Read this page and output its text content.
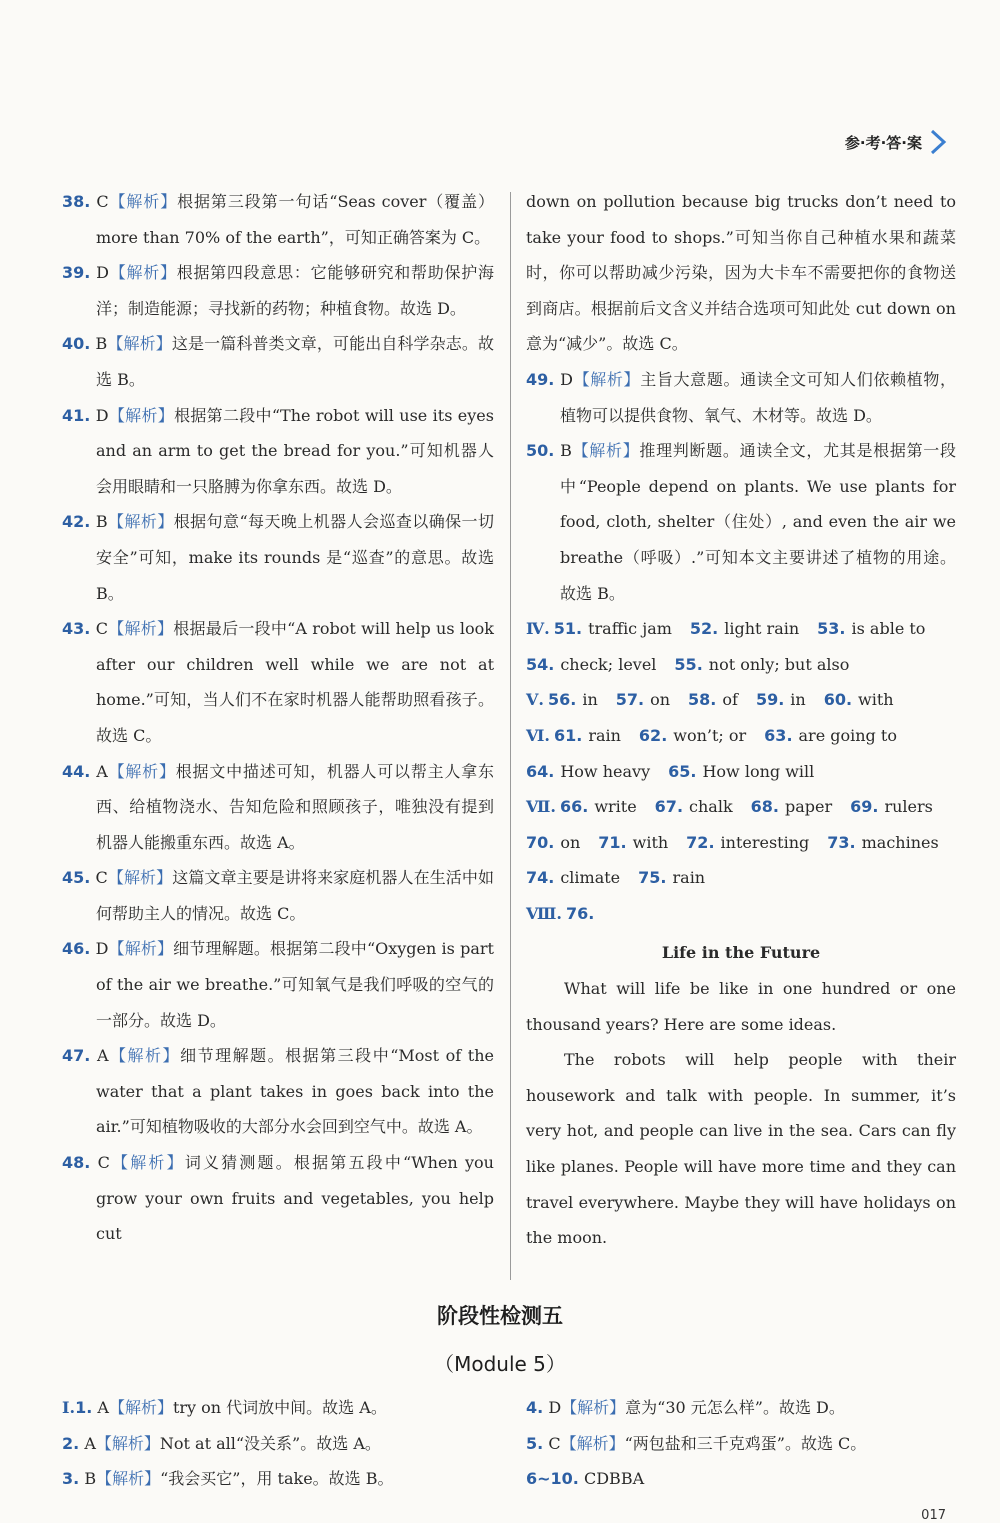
参·考·答·案

38. C【解析】根据第三段第一句话“Seas cover（覆盖）more than 70% of the earth”，可知正确答案为 C。

39. D【解析】根据第四段意思：它能够研究和帮助保护海洋；制造能源；寻找新的药物；种植食物。故选 D。

40. B【解析】这是一篇科普类文章，可能出自科学杂志。故选 B。

41. D【解析】根据第二段中“The robot will use its eyes and an arm to get the bread for you.”可知机器人会用眼睛和一只胳膊为你拿东西。故选 D。

42. B【解析】根据句意“每天晚上机器人会巡查以确保一切安全”可知，make its rounds 是“巡查”的意思。故选 B。

43. C【解析】根据最后一段中“A robot will help us look after our children well while we are not at home.”可知，当人们不在家时机器人能帮助照看孩子。故选 C。

44. A【解析】根据文中描述可知，机器人可以帮主人拿东西、给植物浇水、告知危险和照顾孩子，唯独没有提到机器人能搬重东西。故选 A。

45. C【解析】这篇文章主要是讲将来家庭机器人在生活中如何帮助主人的情况。故选 C。

46. D【解析】细节理解题。根据第二段中“Oxygen is part of the air we breathe.”可知氧气是我们呼吸的空气的一部分。故选 D。

47. A【解析】细节理解题。根据第三段中“Most of the water that a plant takes in goes back into the air.”可知植物吸收的大部分水会回到空气中。故选 A。

48. C【解析】词义猜测题。根据第五段中“When you grow your own fruits and vegetables, you help cut

down on pollution because big trucks don’t need to take your food to shops.”可知当你自己种植水果和蔬菜时，你可以帮助减少污染，因为大卡车不需要把你的食物送到商店。根据前后文含义并结合选项可知此处 cut down on 意为“减少”。故选 C。

49. D【解析】主旨大意题。通读全文可知人们依赖植物，植物可以提供食物、氧气、木材等。故选 D。

50. B【解析】推理判断题。通读全文，尤其是根据第一段中“People depend on plants. We use plants for food, cloth, shelter（住处）, and even the air we breathe（呼吸）.”可知本文主要讲述了植物的用途。故选 B。

Ⅳ. 51. traffic jam 52. light rain 53. is able to
54. check; level 55. not only; but also
Ⅴ. 56. in 57. on 58. of 59. in 60. with
Ⅵ. 61. rain 62. won’t; or 63. are going to
64. How heavy 65. How long will
Ⅶ. 66. write 67. chalk 68. paper 69. rulers
70. on 71. with 72. interesting 73. machines
74. climate 75. rain
Ⅷ. 76.

Life in the Future

What will life be like in one hundred or one thousand years? Here are some ideas.

The robots will help people with their housework and talk with people. In summer, it’s very hot, and people can live in the sea. Cars can fly like planes. People will have more time and they can travel everywhere. Maybe they will have holidays on the moon.

阶段性检测五
（Module 5）

Ⅰ.1. A【解析】try on 代词放中间。故选 A。

2. A【解析】Not at all“没关系”。故选 A。

3. B【解析】“我会买它”，用 take。故选 B。

4. D【解析】意为“30 元怎么样”。故选 D。

5. C【解析】“两包盐和三千克鸡蛋”。故选 C。

6~10. CDBBA

017
